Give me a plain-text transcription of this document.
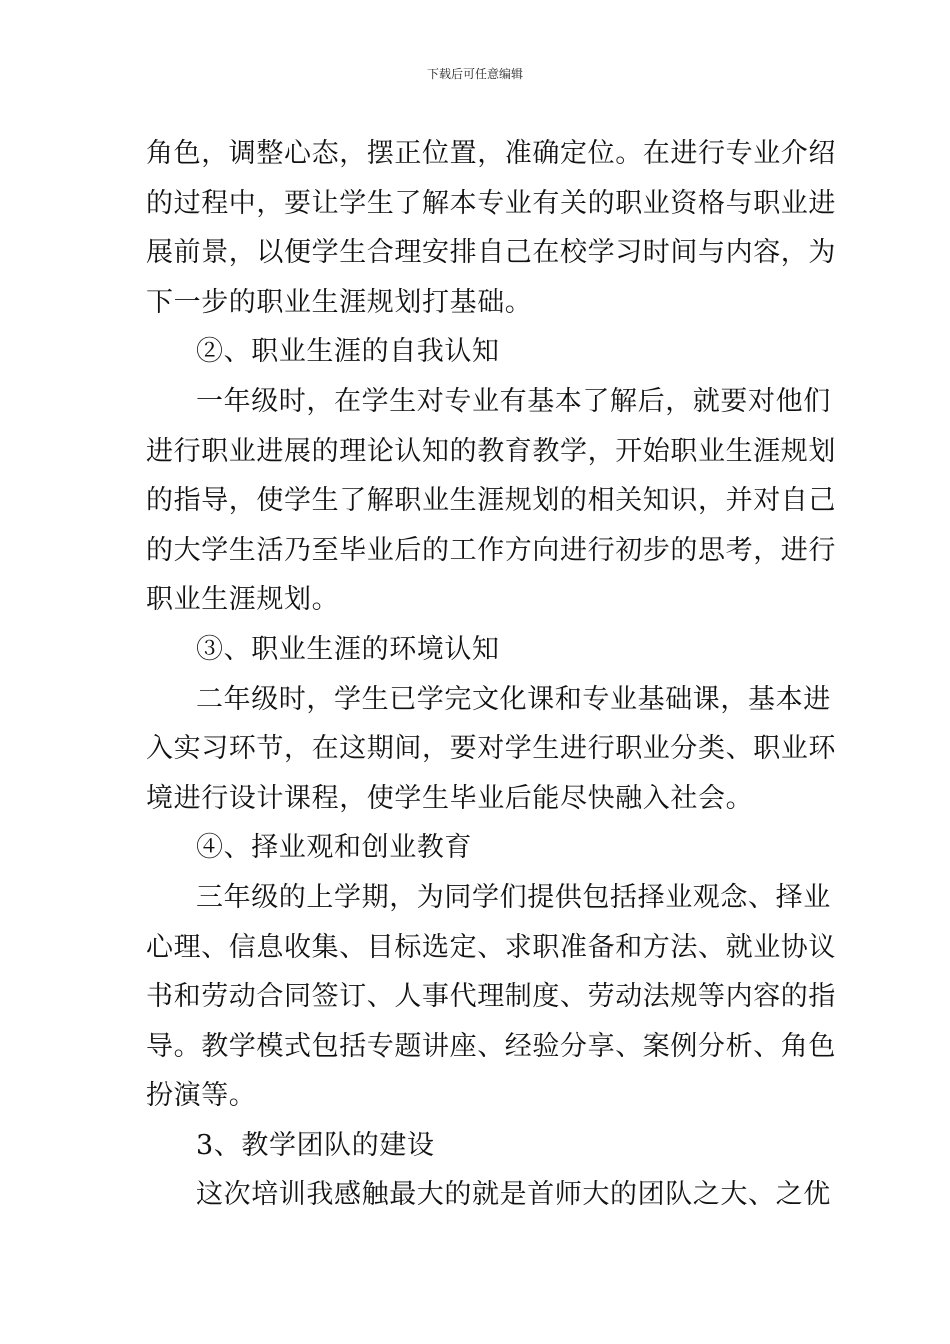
下载后可任意编辑
角色，调整心态，摆正位置，准确定位。在进行专业介绍
的过程中，要让学生了解本专业有关的职业资格与职业进
展前景，以便学生合理安排自己在校学习时间与内容，为
下一步的职业生涯规划打基础。
②、职业生涯的自我认知
一年级时，在学生对专业有基本了解后，就要对他们
进行职业进展的理论认知的教育教学，开始职业生涯规划
的指导，使学生了解职业生涯规划的相关知识，并对自己
的大学生活乃至毕业后的工作方向进行初步的思考，进行
职业生涯规划。
③、职业生涯的环境认知
二年级时，学生已学完文化课和专业基础课，基本进
入实习环节，在这期间，要对学生进行职业分类、职业环
境进行设计课程，使学生毕业后能尽快融入社会。
④、择业观和创业教育
三年级的上学期，为同学们提供包括择业观念、择业
心理、信息收集、目标选定、求职准备和方法、就业协议
书和劳动合同签订、人事代理制度、劳动法规等内容的指
导。教学模式包括专题讲座、经验分享、案例分析、角色
扮演等。
3、教学团队的建设
这次培训我感触最大的就是首师大的团队之大、之优
